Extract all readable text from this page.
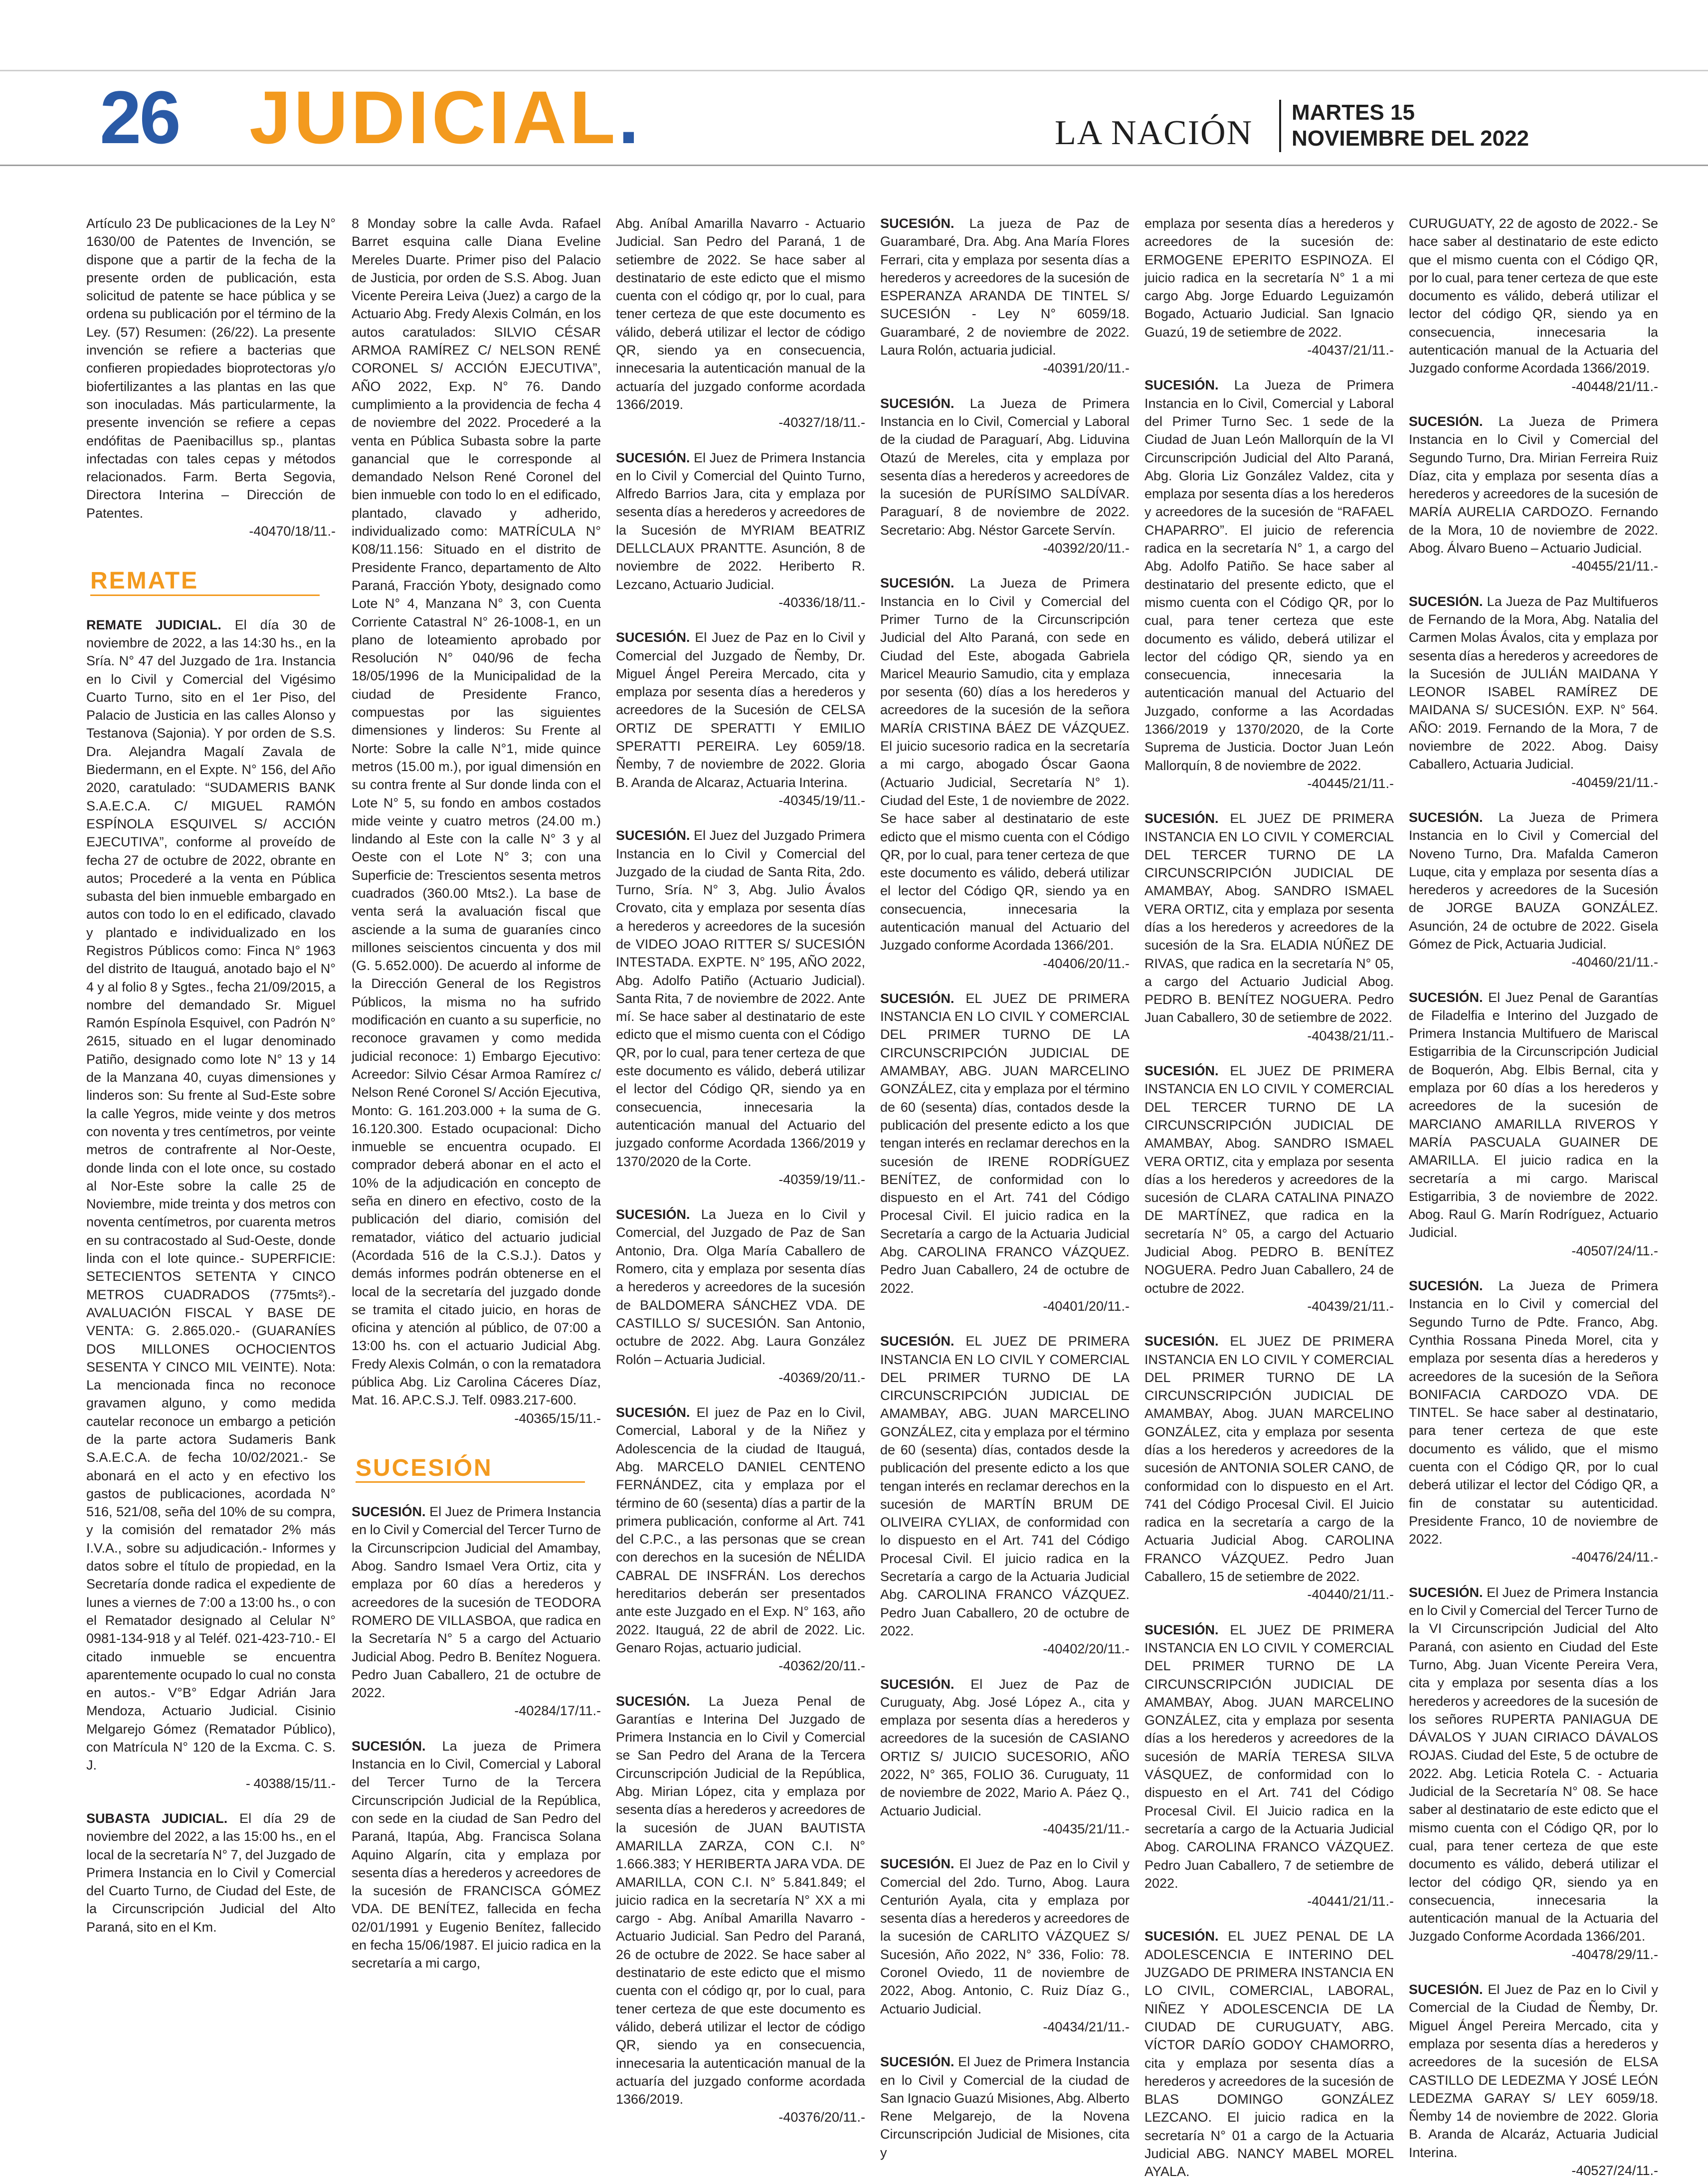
26 JUDICIAL.	LA NACIÓN
MARTES 15
NOVIEMBRE DEL 2022

Artículo 23 De publicaciones de la Ley N° 1630/00 de Patentes de Invención, se dispone que a partir de la fecha de la presente orden de publicación, esta solicitud de patente se hace pública y se ordena su publicación por el término de la Ley. (57) Resumen: (26/22). La presente invención se refiere a bacterias que confieren propiedades bioprotectoras y/o biofertilizantes a las plantas en las que son inoculadas. Más particularmente, la presente invención se refiere a cepas endófitas de Paenibacillus sp., plantas infectadas con tales cepas y métodos relacionados. Farm. Berta Segovia, Directora Interina – Dirección de Patentes.

-40470/18/11.-
REMATE

REMATE JUDICIAL. El día 30 de noviembre de 2022, a las 14:30 hs., en la Sría. N° 47 del Juzgado de 1ra. Instancia en lo Civil y Comercial del Vigésimo Cuarto Turno, sito en el 1er Piso, del Palacio de Justicia en las calles Alonso y Testanova (Sajonia). Y por orden de S.S. Dra. Alejandra Magalí Zavala de Biedermann, en el Expte. N° 156, del Año 2020, caratulado: “SUDAMERIS BANK S.A.E.C.A. C/ MIGUEL RAMÓN ESPÍNOLA ESQUIVEL S/ ACCIÓN EJECUTIVA”, conforme al proveído de fecha 27 de octubre de 2022, obrante en autos; Procederé a la venta en Pública subasta del bien inmueble embargado en autos con todo lo en el edificado, clavado y plantado e individualizado en los Registros Públicos como: Finca N° 1963 del distrito de Itauguá, anotado bajo el N° 4 y al folio 8 y Sgtes., fecha 21/09/2015, a nombre del demandado Sr. Miguel Ramón Espínola Esquivel, con Padrón N° 2615, situado en el lugar denominado Patiño, designado como lote N° 13 y 14 de la Manzana 40, cuyas dimensiones y linderos son: Su frente al Sud-Este sobre la calle Yegros, mide veinte y dos metros con noventa y tres centímetros, por veinte metros de contrafrente al Nor-Oeste, donde linda con el lote once, su costado al Nor-Este sobre la calle 25 de Noviembre, mide treinta y dos metros con noventa centímetros, por cuarenta metros en su contracostado al Sud-Oeste, donde linda con el lote quince.- SUPERFICIE: SETECIENTOS SETENTA Y CINCO METROS CUADRADOS (775mts²).- AVALUACIÓN FISCAL Y BASE DE VENTA: G. 2.865.020.- (GUARANÍES DOS MILLONES OCHOCIENTOS SESENTA Y CINCO MIL VEINTE). Nota: La mencionada finca no reconoce gravamen alguno, y como medida cautelar reconoce un embargo a petición de la parte actora Sudameris Bank S.A.E.C.A. de fecha 10/02/2021.- Se abonará en el acto y en efectivo los gastos de publicaciones, acordada N° 516, 521/08, seña del 10% de su compra, y la comisión del rematador 2% más I.V.A., sobre su adjudicación.- Informes y datos sobre el título de propiedad, en la Secretaría donde radica el expediente de lunes a viernes de 7:00 a 13:00 hs., o con el Rematador designado al Celular N° 0981-134-918 y al Teléf. 021-423-710.- El citado inmueble se encuentra aparentemente ocupado lo cual no consta en autos.- V°B° Edgar Adrián Jara Mendoza, Actuario Judicial. Cisinio Melgarejo Gómez (Rematador Público), con Matrícula N° 120 de la Excma. C. S. J.

- 40388/15/11.-

SUBASTA JUDICIAL. El día 29 de noviembre del 2022, a las 15:00 hs., en el local de la secretaría N° 7, del Juzgado de Primera Instancia en lo Civil y Comercial del Cuarto Turno, de Ciudad del Este, de la Circunscripción Judicial del Alto Paraná, sito en el Km.

8 Monday sobre la calle Avda. Rafael Barret esquina calle Diana Eveline Mereles Duarte. Primer piso del Palacio de Justicia, por orden de S.S. Abog. Juan Vicente Pereira Leiva (Juez) a cargo de la Actuario Abg. Fredy Alexis Colmán, en los autos caratulados: SILVIO CÉSAR ARMOA RAMÍREZ C/ NELSON RENÉ CORONEL S/ ACCIÓN EJECUTIVA”, AÑO 2022, Exp. N° 76. Dando cumplimiento a la providencia de fecha 4 de noviembre del 2022. Procederé a la venta en Pública Subasta sobre la parte ganancial que le corresponde al demandado Nelson René Coronel del bien inmueble con todo lo en el edificado, plantado, clavado y adherido, individualizado como: MATRÍCULA N° K08/11.156: Situado en el distrito de Presidente Franco, departamento de Alto Paraná, Fracción Yboty, designado como Lote N° 4, Manzana N° 3, con Cuenta Corriente Catastral N° 26-1008-1, en un plano de loteamiento aprobado por Resolución N° 040/96 de fecha 18/05/1996 de la Municipalidad de la ciudad de Presidente Franco, compuestas por las siguientes dimensiones y linderos: Su Frente al Norte: Sobre la calle N°1, mide quince metros (15.00 m.), por igual dimensión en su contra frente al Sur donde linda con el Lote N° 5, su fondo en ambos costados mide veinte y cuatro metros (24.00 m.) lindando al Este con la calle N° 3 y al Oeste con el Lote N° 3; con una Superficie de: Trescientos sesenta metros cuadrados (360.00 Mts2.). La base de venta será la avaluación fiscal que asciende a la suma de guaraníes cinco millones seiscientos cincuenta y dos mil (G. 5.652.000). De acuerdo al informe de la Dirección General de los Registros Públicos, la misma no ha sufrido modificación en cuanto a su superficie, no reconoce gravamen y como medida judicial reconoce: 1) Embargo Ejecutivo: Acreedor: Silvio César Armoa Ramírez c/ Nelson René Coronel S/ Acción Ejecutiva, Monto: G. 161.203.000 + la suma de G. 16.120.300. Estado ocupacional: Dicho inmueble se encuentra ocupado. El comprador deberá abonar en el acto el 10% de la adjudicación en concepto de seña en dinero en efectivo, costo de la publicación del diario, comisión del rematador, viático del actuario judicial (Acordada 516 de la C.S.J.). Datos y demás informes podrán obtenerse en el local de la secretaría del juzgado donde se tramita el citado juicio, en horas de oficina y atención al público, de 07:00 a 13:00 hs. con el actuario Judicial Abg. Fredy Alexis Colmán, o con la rematadora pública Abg. Liz Carolina Cáceres Díaz, Mat. 16. AP.C.S.J. Telf. 0983.217-600.

-40365/15/11.-
SUCESIÓN

SUCESIÓN. El Juez de Primera Instancia en lo Civil y Comercial del Tercer Turno de la Circunscripcion Judicial del Amambay, Abog. Sandro Ismael Vera Ortiz, cita y emplaza por 60 días a herederos y acreedores de la sucesión de TEODORA ROMERO DE VILLASBOA, que radica en la Secretaría N° 5 a cargo del Actuario Judicial Abog. Pedro B. Benítez Noguera. Pedro Juan Caballero, 21 de octubre de 2022.

-40284/17/11.-

SUCESIÓN. La jueza de Primera Instancia en lo Civil, Comercial y Laboral del Tercer Turno de la Tercera Circunscripción Judicial de la República, con sede en la ciudad de San Pedro del Paraná, Itapúa, Abg. Francisca Solana Aquino Algarín, cita y emplaza por sesenta días a herederos y acreedores de la sucesión de FRANCISCA GÓMEZ VDA. DE BENÍTEZ, fallecida en fecha 02/01/1991 y Eugenio Benítez, fallecido en fecha 15/06/1987. El juicio radica en la secretaría a mi cargo,

Abg. Aníbal Amarilla Navarro - Actuario Judicial. San Pedro del Paraná, 1 de setiembre de 2022. Se hace saber al destinatario de este edicto que el mismo cuenta con el código qr, por lo cual, para tener certeza de que este documento es válido, deberá utilizar el lector de código QR, siendo ya en consecuencia, innecesaria la autenticación manual de la actuaría del juzgado conforme acordada 1366/2019.

-40327/18/11.-

SUCESIÓN. El Juez de Primera Instancia en lo Civil y Comercial del Quinto Turno, Alfredo Barrios Jara, cita y emplaza por sesenta días a herederos y acreedores de la Sucesión de MYRIAM BEATRIZ DELLCLAUX PRANTTE. Asunción, 8 de noviembre de 2022. Heriberto R. Lezcano, Actuario Judicial.

-40336/18/11.-

SUCESIÓN. El Juez de Paz en lo Civil y Comercial del Juzgado de Ñemby, Dr. Miguel Ángel Pereira Mercado, cita y emplaza por sesenta días a herederos y acreedores de la Sucesión de CELSA ORTIZ DE SPERATTI Y EMILIO SPERATTI PEREIRA. Ley 6059/18. Ñemby, 7 de noviembre de 2022. Gloria B. Aranda de Alcaraz, Actuaria Interina.

-40345/19/11.-

SUCESIÓN. El Juez del Juzgado Primera Instancia en lo Civil y Comercial del Juzgado de la ciudad de Santa Rita, 2do. Turno, Sría. N° 3, Abg. Julio Ávalos Crovato, cita y emplaza por sesenta días a herederos y acreedores de la sucesión de VIDEO JOAO RITTER S/ SUCESIÓN INTESTADA. EXPTE. N° 195, AÑO 2022, Abg. Adolfo Patiño (Actuario Judicial). Santa Rita, 7 de noviembre de 2022. Ante mí. Se hace saber al destinatario de este edicto que el mismo cuenta con el Código QR, por lo cual, para tener certeza de que este documento es válido, deberá utilizar el lector del Código QR, siendo ya en consecuencia, innecesaria la autenticación manual del Actuario del juzgado conforme Acordada 1366/2019 y 1370/2020 de la Corte.

-40359/19/11.-

SUCESIÓN. La Jueza en lo Civil y Comercial, del Juzgado de Paz de San Antonio, Dra. Olga María Caballero de Romero, cita y emplaza por sesenta días a herederos y acreedores de la sucesión de BALDOMERA SÁNCHEZ VDA. DE CASTILLO S/ SUCESIÓN. San Antonio, octubre de 2022. Abg. Laura González Rolón – Actuaria Judicial.

-40369/20/11.-

SUCESIÓN. El juez de Paz en lo Civil, Comercial, Laboral y de la Niñez y Adolescencia de la ciudad de Itauguá, Abg. MARCELO DANIEL CENTENO FERNÁNDEZ, cita y emplaza por el término de 60 (sesenta) días a partir de la primera publicación, conforme al Art. 741 del C.P.C., a las personas que se crean con derechos en la sucesión de NÉLIDA CABRAL DE INSFRÁN. Los derechos hereditarios deberán ser presentados ante este Juzgado en el Exp. N° 163, año 2022. Itauguá, 22 de abril de 2022. Lic. Genaro Rojas, actuario judicial.

-40362/20/11.-

SUCESIÓN. La Jueza Penal de Garantías e Interina Del Juzgado de Primera Instancia en lo Civil y Comercial se San Pedro del Arana de la Tercera Circunscripción Judicial de la República, Abg. Mirian López, cita y emplaza por sesenta días a herederos y acreedores de la sucesión de JUAN BAUTISTA AMARILLA ZARZA, CON C.I. N° 1.666.383; Y HERIBERTA JARA VDA. DE AMARILLA, CON C.I. N° 5.841.849; el juicio radica en la secretaría N° XX a mi cargo - Abg. Aníbal Amarilla Navarro - Actuario Judicial. San Pedro del Paraná, 26 de octubre de 2022. Se hace saber al destinatario de este edicto que el mismo cuenta con el código qr, por lo cual, para tener certeza de que este documento es válido, deberá utilizar el lector de código QR, siendo ya en consecuencia, innecesaria la autenticación manual de la actuaría del juzgado conforme acordada 1366/2019.

-40376/20/11.-

SUCESIÓN. La jueza de Paz de Guarambaré, Dra. Abg. Ana María Flores Ferrari, cita y emplaza por sesenta días a herederos y acreedores de la sucesión de ESPERANZA ARANDA DE TINTEL S/ SUCESIÓN - Ley N° 6059/18. Guarambaré, 2 de noviembre de 2022. Laura Rolón, actuaria judicial.

-40391/20/11.-

SUCESIÓN. La Jueza de Primera Instancia en lo Civil, Comercial y Laboral de la ciudad de Paraguarí, Abg. Liduvina Otazú de Mereles, cita y emplaza por sesenta días a herederos y acreedores de la sucesión de PURÍSIMO SALDÍVAR. Paraguarí, 8 de noviembre de 2022. Secretario: Abg. Néstor Garcete Servín.

-40392/20/11.-

SUCESIÓN. La Jueza de Primera Instancia en lo Civil y Comercial del Primer Turno de la Circunscripción Judicial del Alto Paraná, con sede en Ciudad del Este, abogada Gabriela Maricel Meaurio Samudio, cita y emplaza por sesenta (60) días a los herederos y acreedores de la sucesión de la señora MARÍA CRISTINA BÁEZ DE VÁZQUEZ. El juicio sucesorio radica en la secretaría a mi cargo, abogado Óscar Gaona (Actuario Judicial, Secretaría N° 1). Ciudad del Este, 1 de noviembre de 2022. Se hace saber al destinatario de este edicto que el mismo cuenta con el Código QR, por lo cual, para tener certeza de que este documento es válido, deberá utilizar el lector del Código QR, siendo ya en consecuencia, innecesaria la autenticación manual del Actuario del Juzgado conforme Acordada 1366/201.

-40406/20/11.-

SUCESIÓN. EL JUEZ DE PRIMERA INSTANCIA EN LO CIVIL Y COMERCIAL DEL PRIMER TURNO DE LA CIRCUNSCRIPCIÓN JUDICIAL DE AMAMBAY, ABG. JUAN MARCELINO GONZÁLEZ, cita y emplaza por el término de 60 (sesenta) días, contados desde la publicación del presente edicto a los que tengan interés en reclamar derechos en la sucesión de IRENE RODRÍGUEZ BENÍTEZ, de conformidad con lo dispuesto en el Art. 741 del Código Procesal Civil. El juicio radica en la Secretaría a cargo de la Actuaria Judicial Abg. CAROLINA FRANCO VÁZQUEZ. Pedro Juan Caballero, 24 de octubre de 2022.

-40401/20/11.-

SUCESIÓN. EL JUEZ DE PRIMERA INSTANCIA EN LO CIVIL Y COMERCIAL DEL PRIMER TURNO DE LA CIRCUNSCRIPCIÓN JUDICIAL DE AMAMBAY, ABG. JUAN MARCELINO GONZÁLEZ, cita y emplaza por el término de 60 (sesenta) días, contados desde la publicación del presente edicto a los que tengan interés en reclamar derechos en la sucesión de MARTÍN BRUM DE OLIVEIRA CYLIAX, de conformidad con lo dispuesto en el Art. 741 del Código Procesal Civil. El juicio radica en la Secretaría a cargo de la Actuaria Judicial Abg. CAROLINA FRANCO VÁZQUEZ. Pedro Juan Caballero, 20 de octubre de 2022.

-40402/20/11.-

SUCESIÓN. El Juez de Paz de Curuguaty, Abg. José López A., cita y emplaza por sesenta días a herederos y acreedores de la sucesión de CASIANO ORTIZ S/ JUICIO SUCESORIO, AÑO 2022, N° 365, FOLIO 36. Curuguaty, 11 de noviembre de 2022, Mario A. Páez Q., Actuario Judicial.

-40435/21/11.-

SUCESIÓN. El Juez de Paz en lo Civil y Comercial del 2do. Turno, Abog. Laura Centurión Ayala, cita y emplaza por sesenta días a herederos y acreedores de la sucesión de CARLITO VÁZQUEZ S/ Sucesión, Año 2022, N° 336, Folio: 78. Coronel Oviedo, 11 de noviembre de 2022, Abog. Antonio, C. Ruiz Díaz G., Actuario Judicial.

-40434/21/11.-

SUCESIÓN. El Juez de Primera Instancia en lo Civil y Comercial de la ciudad de San Ignacio Guazú Misiones, Abg. Alberto Rene Melgarejo, de la Novena Circunscripción Judicial de Misiones, cita y

emplaza por sesenta días a herederos y acreedores de la sucesión de: ERMOGENE EPERITO ESPINOZA. El juicio radica en la secretaría N° 1 a mi cargo Abg. Jorge Eduardo Leguizamón Bogado, Actuario Judicial. San Ignacio Guazú, 19 de setiembre de 2022.

-40437/21/11.-

SUCESIÓN. La Jueza de Primera Instancia en lo Civil, Comercial y Laboral del Primer Turno Sec. 1 sede de la Ciudad de Juan León Mallorquín de la VI Circunscripción Judicial del Alto Paraná, Abg. Gloria Liz González Valdez, cita y emplaza por sesenta días a los herederos y acreedores de la sucesión de “RAFAEL CHAPARRO”. El juicio de referencia radica en la secretaría N° 1, a cargo del Abg. Adolfo Patiño. Se hace saber al destinatario del presente edicto, que el mismo cuenta con el Código QR, por lo cual, para tener certeza que este documento es válido, deberá utilizar el lector del código QR, siendo ya en consecuencia, innecesaria la autenticación manual del Actuario del Juzgado, conforme a las Acordadas 1366/2019 y 1370/2020, de la Corte Suprema de Justicia. Doctor Juan León Mallorquín, 8 de noviembre de 2022.

-40445/21/11.-

SUCESIÓN. EL JUEZ DE PRIMERA INSTANCIA EN LO CIVIL Y COMERCIAL DEL TERCER TURNO DE LA CIRCUNSCRIPCIÓN JUDICIAL DE AMAMBAY, Abog. SANDRO ISMAEL VERA ORTIZ, cita y emplaza por sesenta días a los herederos y acreedores de la sucesión de la Sra. ELADIA NÚÑEZ DE RIVAS, que radica en la secretaría N° 05, a cargo del Actuario Judicial Abog. PEDRO B. BENÍTEZ NOGUERA. Pedro Juan Caballero, 30 de setiembre de 2022.

-40438/21/11.-

SUCESIÓN. EL JUEZ DE PRIMERA INSTANCIA EN LO CIVIL Y COMERCIAL DEL TERCER TURNO DE LA CIRCUNSCRIPCIÓN JUDICIAL DE AMAMBAY, Abog. SANDRO ISMAEL VERA ORTIZ, cita y emplaza por sesenta días a los herederos y acreedores de la sucesión de CLARA CATALINA PINAZO DE MARTÍNEZ, que radica en la secretaría N° 05, a cargo del Actuario Judicial Abog. PEDRO B. BENÍTEZ NOGUERA. Pedro Juan Caballero, 24 de octubre de 2022.

-40439/21/11.-

SUCESIÓN. EL JUEZ DE PRIMERA INSTANCIA EN LO CIVIL Y COMERCIAL DEL PRIMER TURNO DE LA CIRCUNSCRIPCIÓN JUDICIAL DE AMAMBAY, Abog. JUAN MARCELINO GONZÁLEZ, cita y emplaza por sesenta días a los herederos y acreedores de la sucesión de ANTONIA SOLER CANO, de conformidad con lo dispuesto en el Art. 741 del Código Procesal Civil. El Juicio radica en la secretaría a cargo de la Actuaria Judicial Abog. CAROLINA FRANCO VÁZQUEZ. Pedro Juan Caballero, 15 de setiembre de 2022.

-40440/21/11.-

SUCESIÓN. EL JUEZ DE PRIMERA INSTANCIA EN LO CIVIL Y COMERCIAL DEL PRIMER TURNO DE LA CIRCUNSCRIPCIÓN JUDICIAL DE AMAMBAY, Abog. JUAN MARCELINO GONZÁLEZ, cita y emplaza por sesenta días a los herederos y acreedores de la sucesión de MARÍA TERESA SILVA VÁSQUEZ, de conformidad con lo dispuesto en el Art. 741 del Código Procesal Civil. El Juicio radica en la secretaría a cargo de la Actuaria Judicial Abog. CAROLINA FRANCO VÁZQUEZ. Pedro Juan Caballero, 7 de setiembre de 2022.

-40441/21/11.-

SUCESIÓN. EL JUEZ PENAL DE LA ADOLESCENCIA E INTERINO DEL JUZGADO DE PRIMERA INSTANCIA EN LO CIVIL, COMERCIAL, LABORAL, NIÑEZ Y ADOLESCENCIA DE LA CIUDAD DE CURUGUATY, ABG. VÍCTOR DARÍO GODOY CHAMORRO, cita y emplaza por sesenta días a herederos y acreedores de la sucesión de BLAS DOMINGO GONZÁLEZ LEZCANO. El juicio radica en la secretaría N° 01 a cargo de la Actuaria Judicial ABG. NANCY MABEL MOREL AYALA.

CURUGUATY, 22 de agosto de 2022.- Se hace saber al destinatario de este edicto que el mismo cuenta con el Código QR, por lo cual, para tener certeza de que este documento es válido, deberá utilizar el lector del código QR, siendo ya en consecuencia, innecesaria la autenticación manual de la Actuaria del Juzgado conforme Acordada 1366/2019.

-40448/21/11.-

SUCESIÓN. La Jueza de Primera Instancia en lo Civil y Comercial del Segundo Turno, Dra. Mirian Ferreira Ruiz Díaz, cita y emplaza por sesenta días a herederos y acreedores de la sucesión de MARÍA AURELIA CARDOZO. Fernando de la Mora, 10 de noviembre de 2022. Abog. Álvaro Bueno – Actuario Judicial.

-40455/21/11.-

SUCESIÓN. La Jueza de Paz Multifueros de Fernando de la Mora, Abg. Natalia del Carmen Molas Ávalos, cita y emplaza por sesenta días a herederos y acreedores de la Sucesión de JULIÁN MAIDANA Y LEONOR ISABEL RAMÍREZ DE MAIDANA S/ SUCESIÓN. EXP. N° 564. AÑO: 2019. Fernando de la Mora, 7 de noviembre de 2022. Abog. Daisy Caballero, Actuaria Judicial.

-40459/21/11.-

SUCESIÓN. La Jueza de Primera Instancia en lo Civil y Comercial del Noveno Turno, Dra. Mafalda Cameron Luque, cita y emplaza por sesenta días a herederos y acreedores de la Sucesión de JORGE BAUZA GONZÁLEZ. Asunción, 24 de octubre de 2022. Gisela Gómez de Pick, Actuaria Judicial.

-40460/21/11.-

SUCESIÓN. El Juez Penal de Garantías de Filadelfia e Interino del Juzgado de Primera Instancia Multifuero de Mariscal Estigarribia de la Circunscripción Judicial de Boquerón, Abg. Elbis Bernal, cita y emplaza por 60 días a los herederos y acreedores de la sucesión de MARCIANO AMARILLA RIVEROS Y MARÍA PASCUALA GUAINER DE AMARILLA. El juicio radica en la secretaría a mi cargo. Mariscal Estigarribia, 3 de noviembre de 2022. Abog. Raul G. Marín Rodríguez, Actuario Judicial.

-40507/24/11.-

SUCESIÓN. La Jueza de Primera Instancia en lo Civil y comercial del Segundo Turno de Pdte. Franco, Abg. Cynthia Rossana Pineda Morel, cita y emplaza por sesenta días a herederos y acreedores de la sucesión de la Señora BONIFACIA CARDOZO VDA. DE TINTEL. Se hace saber al destinatario, para tener certeza de que este documento es válido, que el mismo cuenta con el Código QR, por lo cual deberá utilizar el lector del Código QR, a fin de constatar su autenticidad. Presidente Franco, 10 de noviembre de 2022.

-40476/24/11.-

SUCESIÓN. El Juez de Primera Instancia en lo Civil y Comercial del Tercer Turno de la VI Circunscripción Judicial del Alto Paraná, con asiento en Ciudad del Este Turno, Abg. Juan Vicente Pereira Vera, cita y emplaza por sesenta días a los herederos y acreedores de la sucesión de los señores RUPERTA PANIAGUA DE DÁVALOS Y JUAN CIRIACO DÁVALOS ROJAS. Ciudad del Este, 5 de octubre de 2022. Abg. Leticia Rotela C. - Actuaria Judicial de la Secretaría N° 08. Se hace saber al destinatario de este edicto que el mismo cuenta con el Código QR, por lo cual, para tener certeza de que este documento es válido, deberá utilizar el lector del código QR, siendo ya en consecuencia, innecesaria la autenticación manual de la Actuaria del Juzgado Conforme Acordada 1366/201.

-40478/29/11.-

SUCESIÓN. El Juez de Paz en lo Civil y Comercial de la Ciudad de Ñemby, Dr. Miguel Ángel Pereira Mercado, cita y emplaza por sesenta días a herederos y acreedores de la sucesión de ELSA CASTILLO DE LEDEZMA Y JOSÉ LEÓN LEDEZMA GARAY S/ LEY 6059/18. Ñemby 14 de noviembre de 2022. Gloria B. Aranda de Alcaráz, Actuaria Judicial Interina.

-40527/24/11.-
